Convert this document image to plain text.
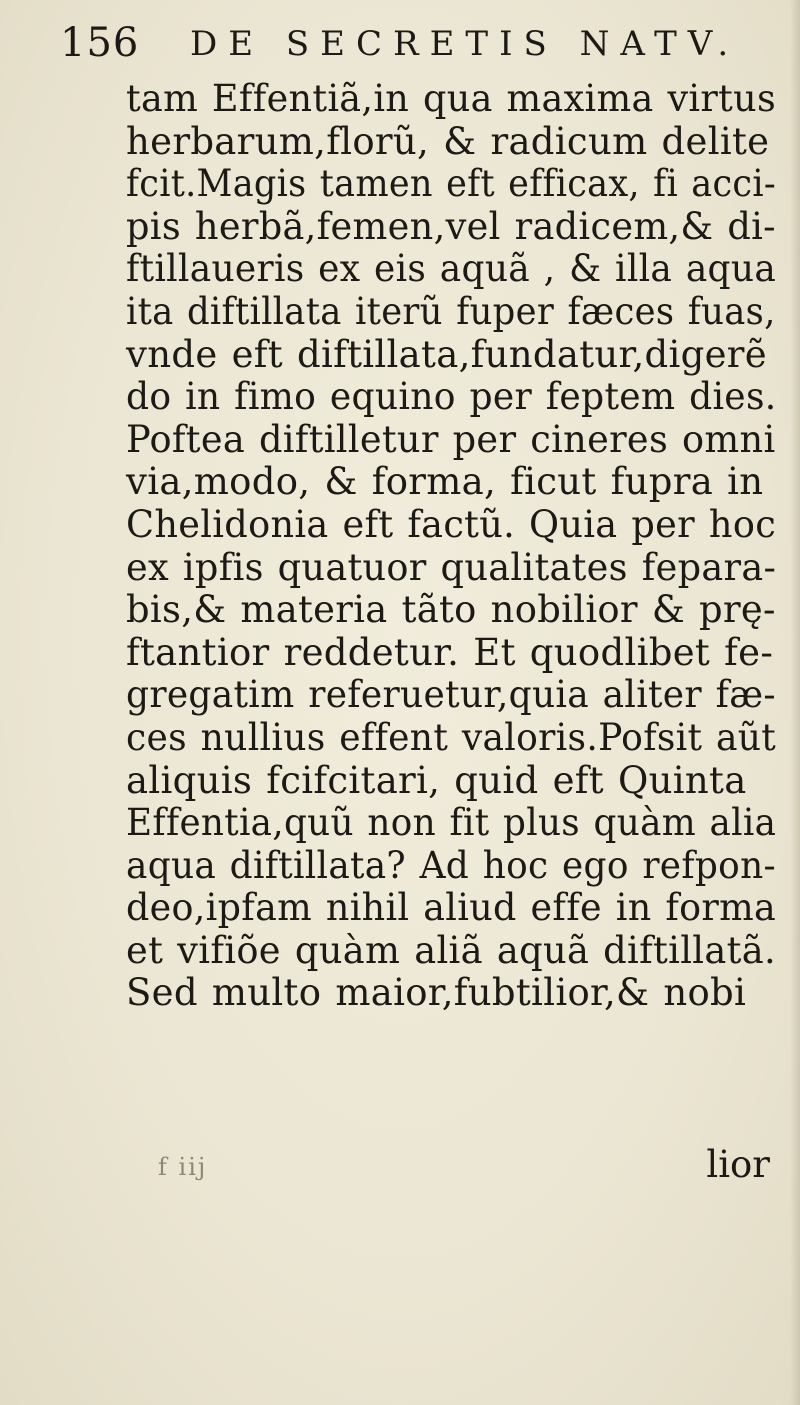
156 DE SECRETIS NATV.
tam Effentiã,in qua maxima virtus
herbarum,florũ, & radicum delite
fcit.Magis tamen eft efficax, fi acci-
pis herbã,femen,vel radicem,& di-
ftillaueris ex eis aquã , & illa aqua
ita diftillata iterũ fuper fæces fuas,
vnde eft diftillata,fundatur,digerẽ
do in fimo equino per feptem dies.
Poftea diftilletur per cineres omni
via,modo, & forma, ficut fupra in
Chelidonia eft factũ. Quia per hoc
ex ipfis quatuor qualitates fepara-
bis,& materia tãto nobilior & prę-
ftantior reddetur. Et quodlibet fe-
gregatim referuetur,quia aliter fæ-
ces nullius effent valoris.Pofsit aũt
aliquis fcifcitari, quid eft Quinta
Effentia,quũ non fit plus quàm alia
aqua diftillata? Ad hoc ego refpon-
deo,ipfam nihil aliud effe in forma
et vifiõe quàm aliã aquã diftillatã.
Sed multo maior,fubtilior,& nobi
f iij	lior
